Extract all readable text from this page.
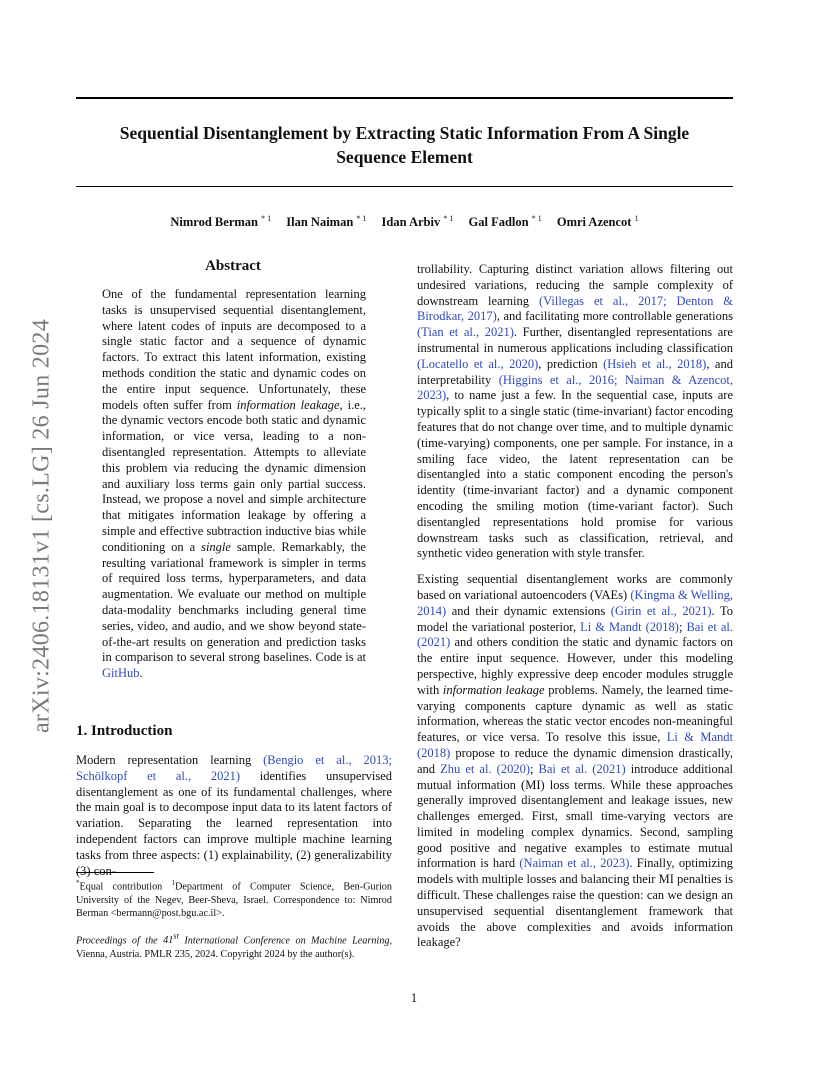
Sequential Disentanglement by Extracting Static Information From A Single
Sequence Element
Nimrod Berman $^{* 1}$ Ilan Naiman $^{* 1}$ Idan Arbiv $^{* 1}$ Gal Fadlon $^{* 1}$ Omri Azencot $^1$
arXiv:2406.18131v1 [cs.LG] 26 Jun 2024
Abstract

One of the fundamental representation learning tasks is unsupervised sequential disentanglement, where latent codes of inputs are decomposed to a single static factor and a sequence of dynamic factors. To extract this latent information, existing methods condition the static and dynamic codes on the entire input sequence. Unfortunately, these models often suffer from information leakage, i.e., the dynamic vectors encode both static and dynamic information, or vice versa, leading to a non-disentangled representation. Attempts to alleviate this problem via reducing the dynamic dimension and auxiliary loss terms gain only partial success. Instead, we propose a novel and simple architecture that mitigates information leakage by offering a simple and effective subtraction inductive bias while conditioning on a single sample. Remarkably, the resulting variational framework is simpler in terms of required loss terms, hyperparameters, and data augmentation. We evaluate our method on multiple data-modality benchmarks including general time series, video, and audio, and we show beyond state-of-the-art results on generation and prediction tasks in comparison to several strong baselines. Code is at GitHub.

1. Introduction

Modern representation learning (Bengio et al., 2013; Schölkopf et al., 2021) identifies unsupervised disentanglement as one of its fundamental challenges, where the main goal is to decompose input data to its latent factors of variation. Separating the learned representation into independent factors can improve multiple machine learning tasks from three aspects: (1) explainability, (2) generalizability (3) con-

*Equal contribution $^1$Department of Computer Science, Ben-Gurion University of the Negev, Beer-Sheva, Israel. Correspondence to: Nimrod Berman <bermann@post.bgu.ac.il>.

Proceedings of the 41st International Conference on Machine Learning, Vienna, Austria. PMLR 235, 2024. Copyright 2024 by the author(s).

trollability. Capturing distinct variation allows filtering out undesired variations, reducing the sample complexity of downstream learning (Villegas et al., 2017; Denton & Birodkar, 2017), and facilitating more controllable generations (Tian et al., 2021). Further, disentangled representations are instrumental in numerous applications including classification (Locatello et al., 2020), prediction (Hsieh et al., 2018), and interpretability (Higgins et al., 2016; Naiman & Azencot, 2023), to name just a few. In the sequential case, inputs are typically split to a single static (time-invariant) factor encoding features that do not change over time, and to multiple dynamic (time-varying) components, one per sample. For instance, in a smiling face video, the latent representation can be disentangled into a static component encoding the person's identity (time-invariant factor) and a dynamic component encoding the smiling motion (time-variant factor). Such disentangled representations hold promise for various downstream tasks such as classification, retrieval, and synthetic video generation with style transfer.

Existing sequential disentanglement works are commonly based on variational autoencoders (VAEs) (Kingma & Welling, 2014) and their dynamic extensions (Girin et al., 2021). To model the variational posterior, Li & Mandt (2018); Bai et al. (2021) and others condition the static and dynamic factors on the entire input sequence. However, under this modeling perspective, highly expressive deep encoder modules struggle with information leakage problems. Namely, the learned time-varying components capture dynamic as well as static information, whereas the static vector encodes non-meaningful features, or vice versa. To resolve this issue, Li & Mandt (2018) propose to reduce the dynamic dimension drastically, and Zhu et al. (2020); Bai et al. (2021) introduce additional mutual information (MI) loss terms. While these approaches generally improved disentanglement and leakage issues, new challenges emerged. First, small time-varying vectors are limited in modeling complex dynamics. Second, sampling good positive and negative examples to estimate mutual information is hard (Naiman et al., 2023). Finally, optimizing models with multiple losses and balancing their MI penalties is difficult. These challenges raise the question: can we design an unsupervised sequential disentanglement framework that avoids the above complexities and avoids information leakage?

1
